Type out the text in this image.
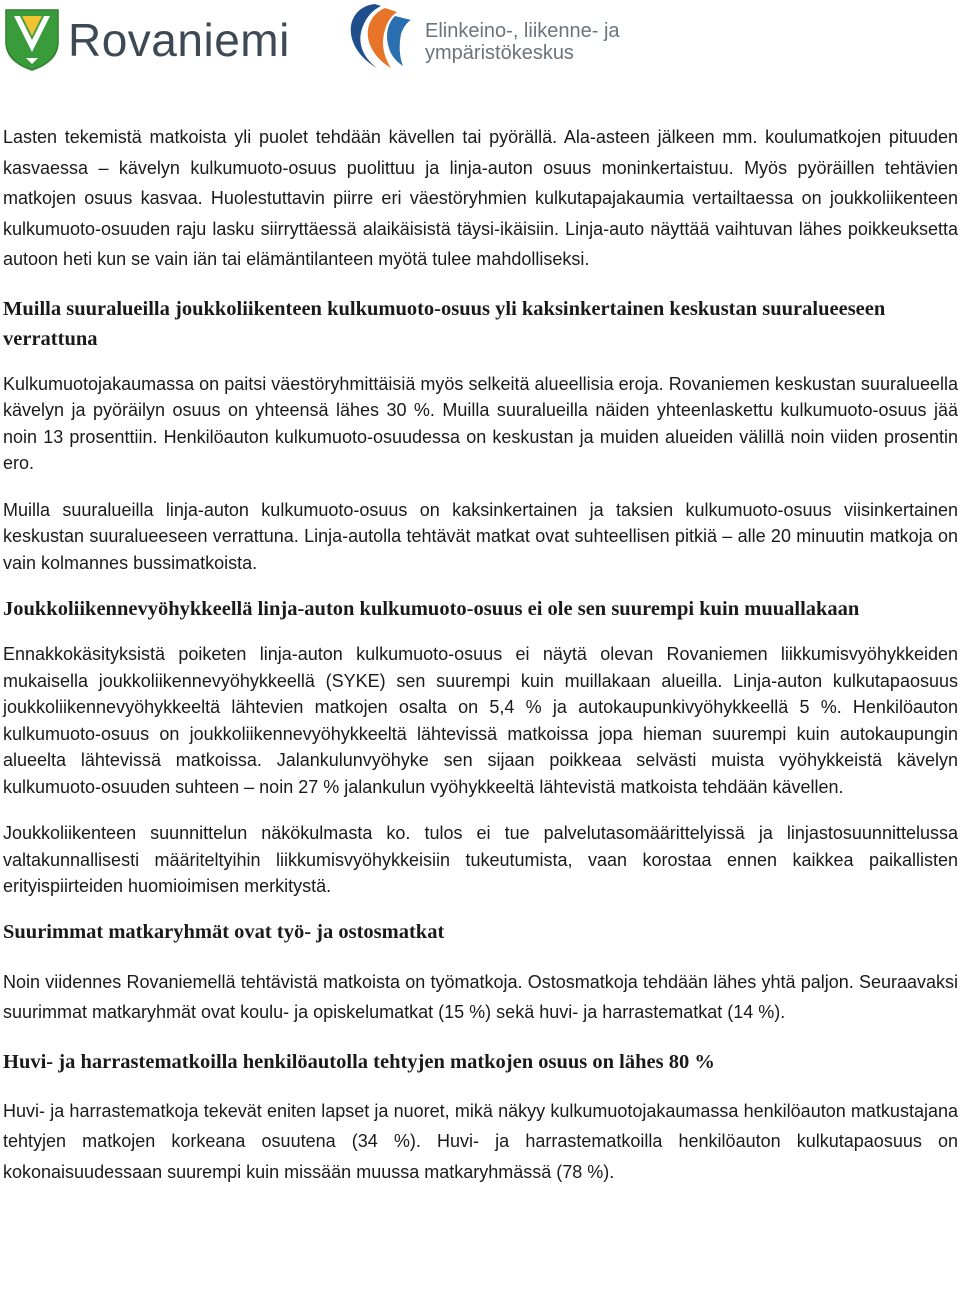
Rovaniemi	Elinkeino-, liikenne- ja
ympäristökeskus

Lasten tekemistä matkoista yli puolet tehdään kävellen tai pyörällä. Ala-asteen jälkeen mm. koulumatkojen pituuden kasvaessa – kävelyn kulkumuoto-osuus puolittuu ja linja-auton osuus moninkertaistuu. Myös pyöräillen tehtävien matkojen osuus kasvaa. Huolestuttavin piirre eri väestöryhmien kulkutapajakaumia vertailtaessa on joukkoliikenteen kulkumuoto-osuuden raju lasku siirryttäessä alaikäisistä täysi-ikäisiin. Linja-auto näyttää vaihtuvan lähes poikkeuksetta autoon heti kun se vain iän tai elämäntilanteen myötä tulee mahdolliseksi.

Muilla suuralueilla joukkoliikenteen kulkumuoto-osuus yli kaksinkertainen keskustan suuralueeseen verrattuna

Kulkumuotojakaumassa on paitsi väestöryhmittäisiä myös selkeitä alueellisia eroja. Rovaniemen keskustan suuralueella kävelyn ja pyöräilyn osuus on yhteensä lähes 30 %. Muilla suuralueilla näiden yhteenlaskettu kulkumuoto-osuus jää noin 13 prosenttiin. Henkilöauton kulkumuoto-osuudessa on keskustan ja muiden alueiden välillä noin viiden prosentin ero.

Muilla suuralueilla linja-auton kulkumuoto-osuus on kaksinkertainen ja taksien kulkumuoto-osuus viisinkertainen keskustan suuralueeseen verrattuna. Linja-autolla tehtävät matkat ovat suhteellisen pitkiä – alle 20 minuutin matkoja on vain kolmannes bussimatkoista.

Joukkoliikennevyöhykkeellä linja-auton kulkumuoto-osuus ei ole sen suurempi kuin muuallakaan

Ennakkokäsityksistä poiketen linja-auton kulkumuoto-osuus ei näytä olevan Rovaniemen liikkumisvyöhykkeiden mukaisella joukkoliikennevyöhykkeellä (SYKE) sen suurempi kuin muillakaan alueilla. Linja-auton kulkutapaosuus joukkoliikennevyöhykkeeltä lähtevien matkojen osalta on 5,4 % ja autokaupunkivyöhykkeellä 5 %. Henkilöauton kulkumuoto-osuus on joukkoliikennevyöhykkeeltä lähtevissä matkoissa jopa hieman suurempi kuin autokaupungin alueelta lähtevissä matkoissa. Jalankulunvyöhyke sen sijaan poikkeaa selvästi muista vyöhykkeistä kävelyn kulkumuoto-osuuden suhteen – noin 27 % jalankulun vyöhykkeeltä lähtevistä matkoista tehdään kävellen.

Joukkoliikenteen suunnittelun näkökulmasta ko. tulos ei tue palvelutasomäärittelyissä ja linjastosuunnittelussa valtakunnallisesti määriteltyihin liikkumisvyöhykkeisiin tukeutumista, vaan korostaa ennen kaikkea paikallisten erityispiirteiden huomioimisen merkitystä.

Suurimmat matkaryhmät ovat työ- ja ostosmatkat

Noin viidennes Rovaniemellä tehtävistä matkoista on työmatkoja. Ostosmatkoja tehdään lähes yhtä paljon. Seuraavaksi suurimmat matkaryhmät ovat koulu- ja opiskelumatkat (15 %) sekä huvi- ja harrastematkat (14 %).

Huvi- ja harrastematkoilla henkilöautolla tehtyjen matkojen osuus on lähes 80 %

Huvi- ja harrastematkoja tekevät eniten lapset ja nuoret, mikä näkyy kulkumuotojakaumassa henkilöauton matkustajana tehtyjen matkojen korkeana osuutena (34 %). Huvi- ja harrastematkoilla henkilöauton kulkutapaosuus on kokonaisuudessaan suurempi kuin missään muussa matkaryhmässä (78 %).
